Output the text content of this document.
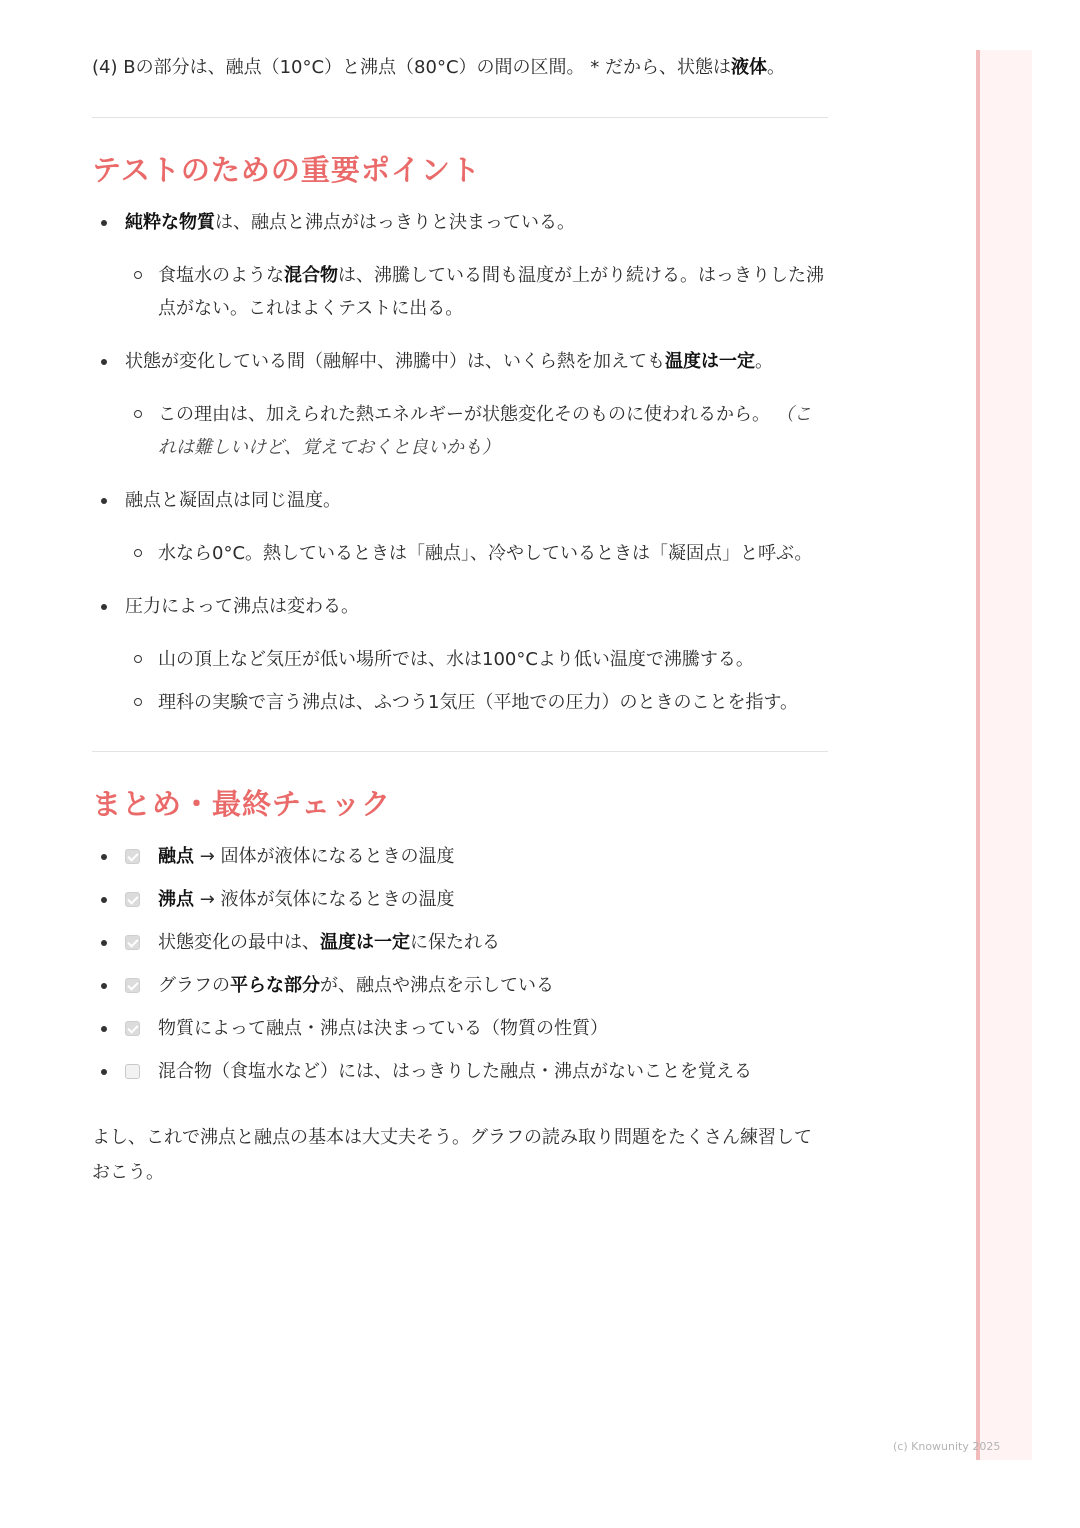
(4) Bの部分は、融点（10°C）と沸点（80°C）の間の区間。 * だから、状態は液体。

テストのための重要ポイント
純粋な物質は、融点と沸点がはっきりと決まっている。
食塩水のような混合物は、沸騰している間も温度が上がり続ける。はっきりした沸点がない。これはよくテストに出る。
状態が変化している間（融解中、沸騰中）は、いくら熱を加えても温度は一定。
この理由は、加えられた熱エネルギーが状態変化そのものに使われるから。 （これは難しいけど、覚えておくと良いかも）
融点と凝固点は同じ温度。
水なら0°C。熱しているときは「融点」、冷やしているときは「凝固点」と呼ぶ。
圧力によって沸点は変わる。
山の頂上など気圧が低い場所では、水は100°Cより低い温度で沸騰する。
理科の実験で言う沸点は、ふつう1気圧（平地での圧力）のときのことを指す。
まとめ・最終チェック
融点 → 固体が液体になるときの温度
沸点 → 液体が気体になるときの温度
状態変化の最中は、温度は一定に保たれる
グラフの平らな部分が、融点や沸点を示している
物質によって融点・沸点は決まっている（物質の性質）
混合物（食塩水など）には、はっきりした融点・沸点がないことを覚える

よし、これで沸点と融点の基本は大丈夫そう。グラフの読み取り問題をたくさん練習しておこう。

(c) Knowunity 2025
